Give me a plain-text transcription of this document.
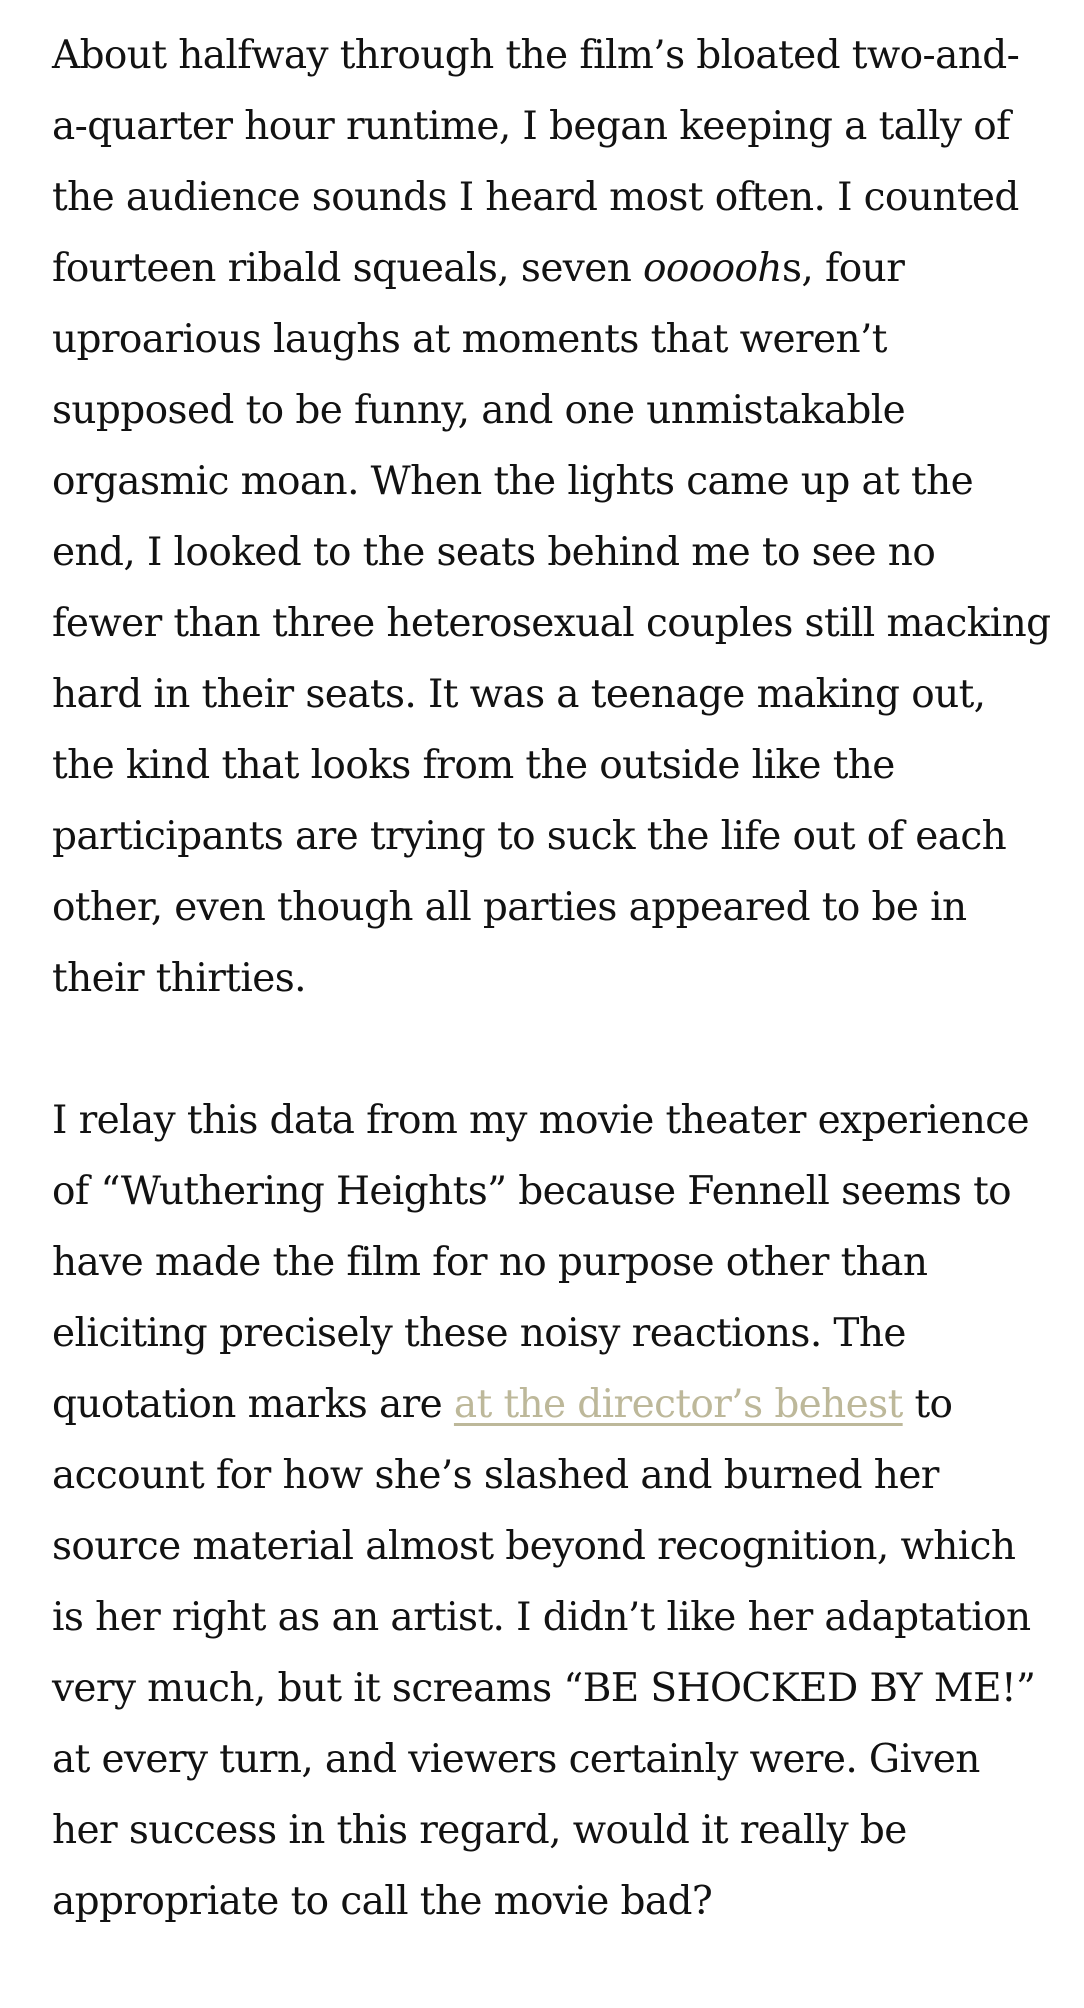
About halfway through the film’s bloated two-and-a-quarter hour runtime, I began keeping a tally of the audience sounds I heard most often. I counted fourteen ribald squeals, seven ooooohs, four uproarious laughs at moments that weren’t supposed to be funny, and one unmistakable orgasmic moan. When the lights came up at the end, I looked to the seats behind me to see no fewer than three heterosexual couples still macking hard in their seats. It was a teenage making out, the kind that looks from the outside like the participants are trying to suck the life out of each other, even though all parties appeared to be in their thirties.

I relay this data from my movie theater experience of “Wuthering Heights” because Fennell seems to have made the film for no purpose other than eliciting precisely these noisy reactions. The quotation marks are at the director’s behest to account for how she’s slashed and burned her source material almost beyond recognition, which is her right as an artist. I didn’t like her adaptation very much, but it screams “BE SHOCKED BY ME!” at every turn, and viewers certainly were. Given her success in this regard, would it really be appropriate to call the movie bad?
